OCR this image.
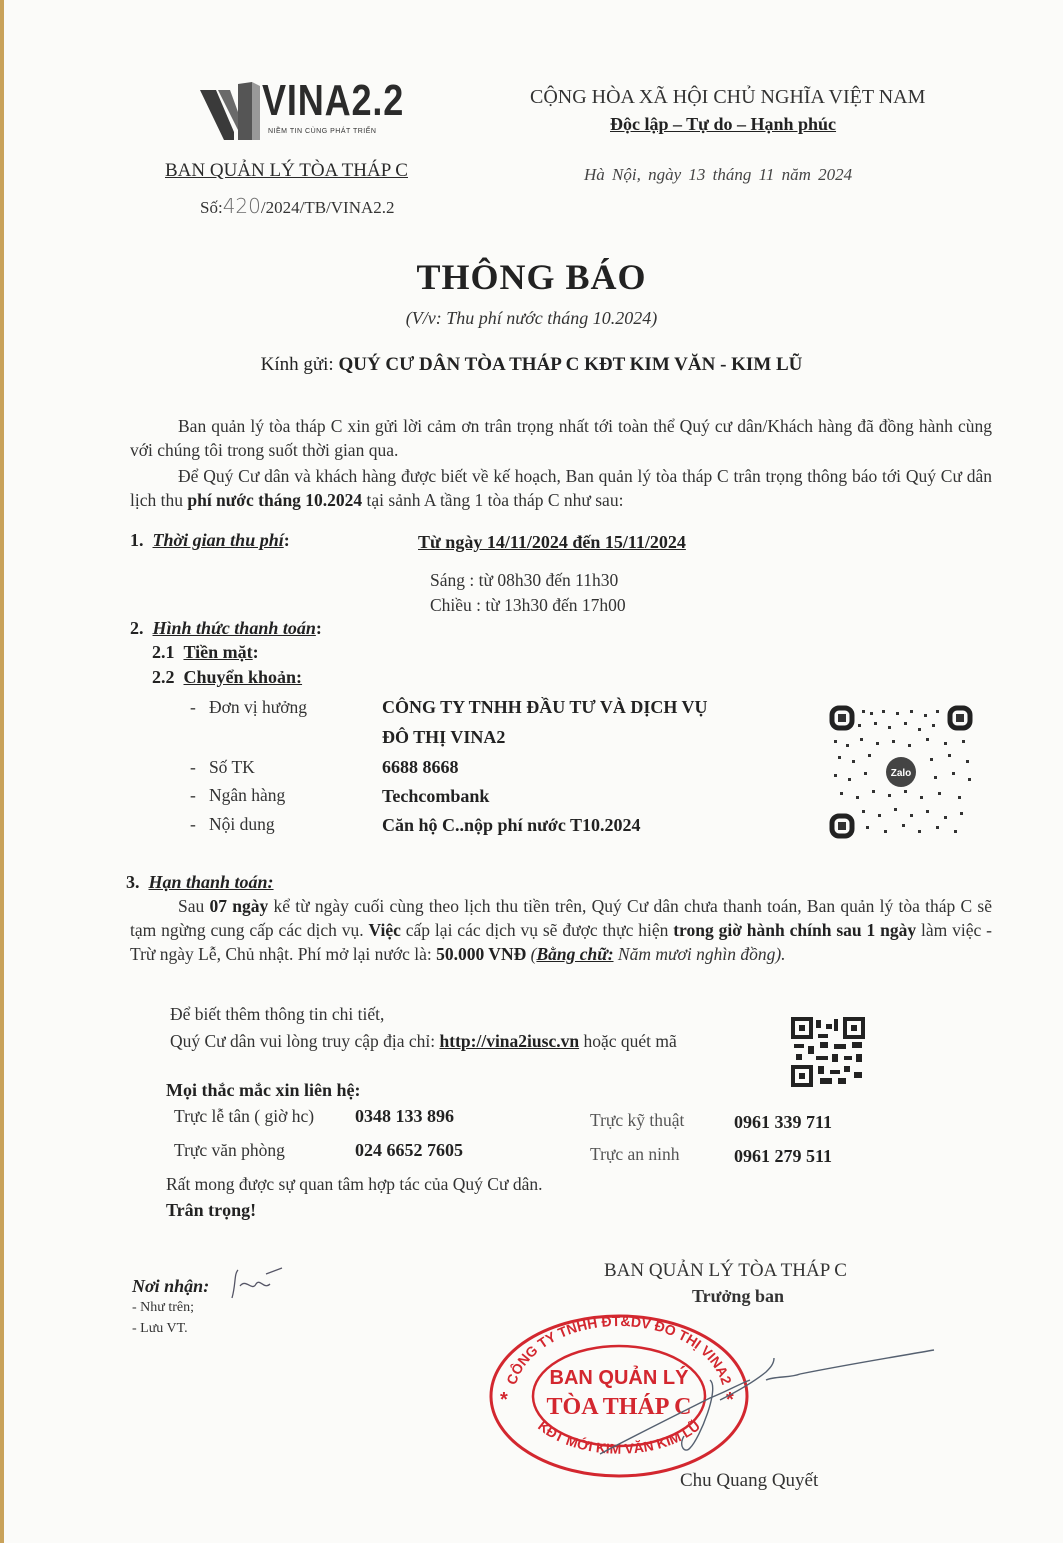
VINA2.2
NIỀM TIN CÙNG PHÁT TRIỂN
BAN QUẢN LÝ TÒA THÁP C
Số:420/2024/TB/VINA2.2
CỘNG HÒA XÃ HỘI CHỦ NGHĨA VIỆT NAM
Độc lập – Tự do – Hạnh phúc
Hà Nội, ngày 13 tháng 11 năm 2024
THÔNG BÁO
(V/v: Thu phí nước tháng 10.2024)
Kính gửi: QUÝ CƯ DÂN TÒA THÁP C KĐT KIM VĂN - KIM LŨ
Ban quản lý tòa tháp C xin gửi lời cảm ơn trân trọng nhất tới toàn thể Quý cư dân/Khách hàng đã đồng hành cùng với chúng tôi trong suốt thời gian qua.
Để Quý Cư dân và khách hàng được biết về kế hoạch, Ban quản lý tòa tháp C trân trọng thông báo tới Quý Cư dân lịch thu phí nước tháng 10.2024 tại sảnh A tầng 1 tòa tháp C như sau:
1. Thời gian thu phí:	Từ ngày 14/11/2024 đến 15/11/2024
Sáng : từ 08h30 đến 11h30
Chiều : từ 13h30 đến 17h00
2. Hình thức thanh toán:
2.1 Tiền mặt:
2.2 Chuyển khoản:
-   Đơn vị hưởng	CÔNG TY TNHH ĐẦU TƯ VÀ DỊCH VỤ
ĐÔ THỊ VINA2
-   Số TK	6688 8668
-   Ngân hàng	Techcombank
-   Nội dung	Căn hộ C..nộp phí nước T10.2024
Zalo
3. Hạn thanh toán:
Sau 07 ngày kể từ ngày cuối cùng theo lịch thu tiền trên, Quý Cư dân chưa thanh toán, Ban quản lý tòa tháp C sẽ tạm ngừng cung cấp các dịch vụ. Việc cấp lại các dịch vụ sẽ được thực hiện trong giờ hành chính sau 1 ngày làm việc - Trừ ngày Lễ, Chủ nhật. Phí mở lại nước là: 50.000 VNĐ (Bằng chữ: Năm mươi nghìn đồng).
Để biết thêm thông tin chi tiết,
Quý Cư dân vui lòng truy cập địa chỉ: http://vina2iusc.vn hoặc quét mã
Mọi thắc mắc xin liên hệ:
Trực lễ tân ( giờ hc) 0348 133 896	Trực kỹ thuật	0961 339 711
Trực văn phòng	024 6652 7605	Trực an ninh	0961 279 511
Rất mong được sự quan tâm hợp tác của Quý Cư dân.
Trân trọng!
Nơi nhận:
- Như trên;
- Lưu VT.
BAN QUẢN LÝ TÒA THÁP C
Trưởng ban
CÔNG TY TNHH ĐT&DV ĐÔ THỊ VINA2
KĐT MỚI KIM VĂN KIM LŨ
BAN QUẢN LÝ
TÒA THÁP C
*	*
Chu Quang Quyết
